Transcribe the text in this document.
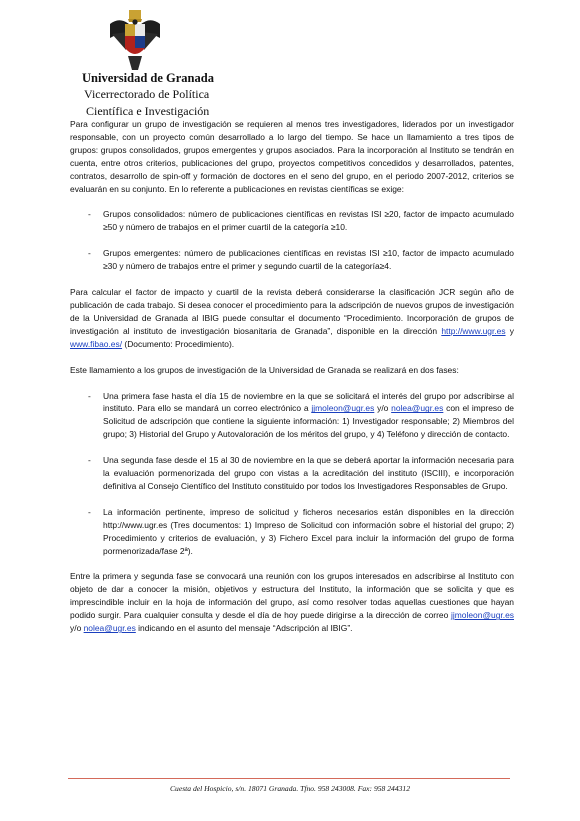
Universidad de Granada
Vicerrectorado de Política
Científica e Investigación

Para configurar un grupo de investigación se requieren al menos tres investigadores, liderados por un investigador responsable, con un proyecto común desarrollado a lo largo del tiempo. Se hace un llamamiento a tres tipos de grupos: grupos consolidados, grupos emergentes y grupos asociados. Para la incorporación al Instituto se tendrán en cuenta, entre otros criterios, publicaciones del grupo, proyectos competitivos concedidos y desarrollados, patentes, contratos, desarrollo de spin-off y formación de doctores en el seno del grupo, en el periodo 2007-2012, criterios se evaluarán en su conjunto. En lo referente a publicaciones en revistas científicas se exige:

-	Grupos consolidados: número de publicaciones científicas en revistas ISI ≥20, factor de impacto acumulado ≥50 y número de trabajos en el primer cuartil de la categoría ≥10.
-	Grupos emergentes: número de publicaciones científicas en revistas ISI ≥10, factor de impacto acumulado ≥30 y número de trabajos entre el primer y segundo cuartil de la categoría≥4.

Para calcular el factor de impacto y cuartil de la revista deberá considerarse la clasificación JCR según año de publicación de cada trabajo. Si desea conocer el procedimiento para la adscripción de nuevos grupos de investigación de la Universidad de Granada al IBIG puede consultar el documento “Procedimiento. Incorporación de grupos de investigación al instituto de investigación biosanitaria de Granada”, disponible en la dirección http://www.ugr.es y www.fibao.es/ (Documento: Procedimiento).

Este llamamiento a los grupos de investigación de la Universidad de Granada se realizará en dos fases:

-	Una primera fase hasta el día 15 de noviembre en la que se solicitará el interés del grupo por adscribirse al instituto. Para ello se mandará un correo electrónico a jjmoleon@ugr.es y/o nolea@ugr.es con el impreso de Solicitud de adscripción que contiene la siguiente información: 1) Investigador responsable; 2) Miembros del grupo; 3) Historial del Grupo y Autovaloración de los méritos del grupo, y 4) Teléfono y dirección de contacto.
-	Una segunda fase desde el 15 al 30 de noviembre en la que se deberá aportar la información necesaria para la evaluación pormenorizada del grupo con vistas a la acreditación del instituto (ISCIII), e incorporación definitiva al Consejo Científico del Instituto constituido por todos los Investigadores Responsables de Grupo.
-	La información pertinente, impreso de solicitud y ficheros necesarios están disponibles en la dirección http://www.ugr.es (Tres documentos: 1) Impreso de Solicitud con información sobre el historial del grupo; 2) Procedimiento y criterios de evaluación, y 3) Fichero Excel para incluir la información del grupo de forma pormenorizada/fase 2ª).

Entre la primera y segunda fase se convocará una reunión con los grupos interesados en adscribirse al Instituto con objeto de dar a conocer la misión, objetivos y estructura del Instituto, la información que se solicita y que es imprescindible incluir en la hoja de información del grupo, así como resolver todas aquellas cuestiones que hayan podido surgir. Para cualquier consulta y desde el día de hoy puede dirigirse a la dirección de correo jjmoleon@ugr.es y/o nolea@ugr.es indicando en el asunto del mensaje “Adscripción al IBIG”.

Cuesta del Hospicio, s/n. 18071 Granada. Tfno. 958 243008. Fax: 958 244312
